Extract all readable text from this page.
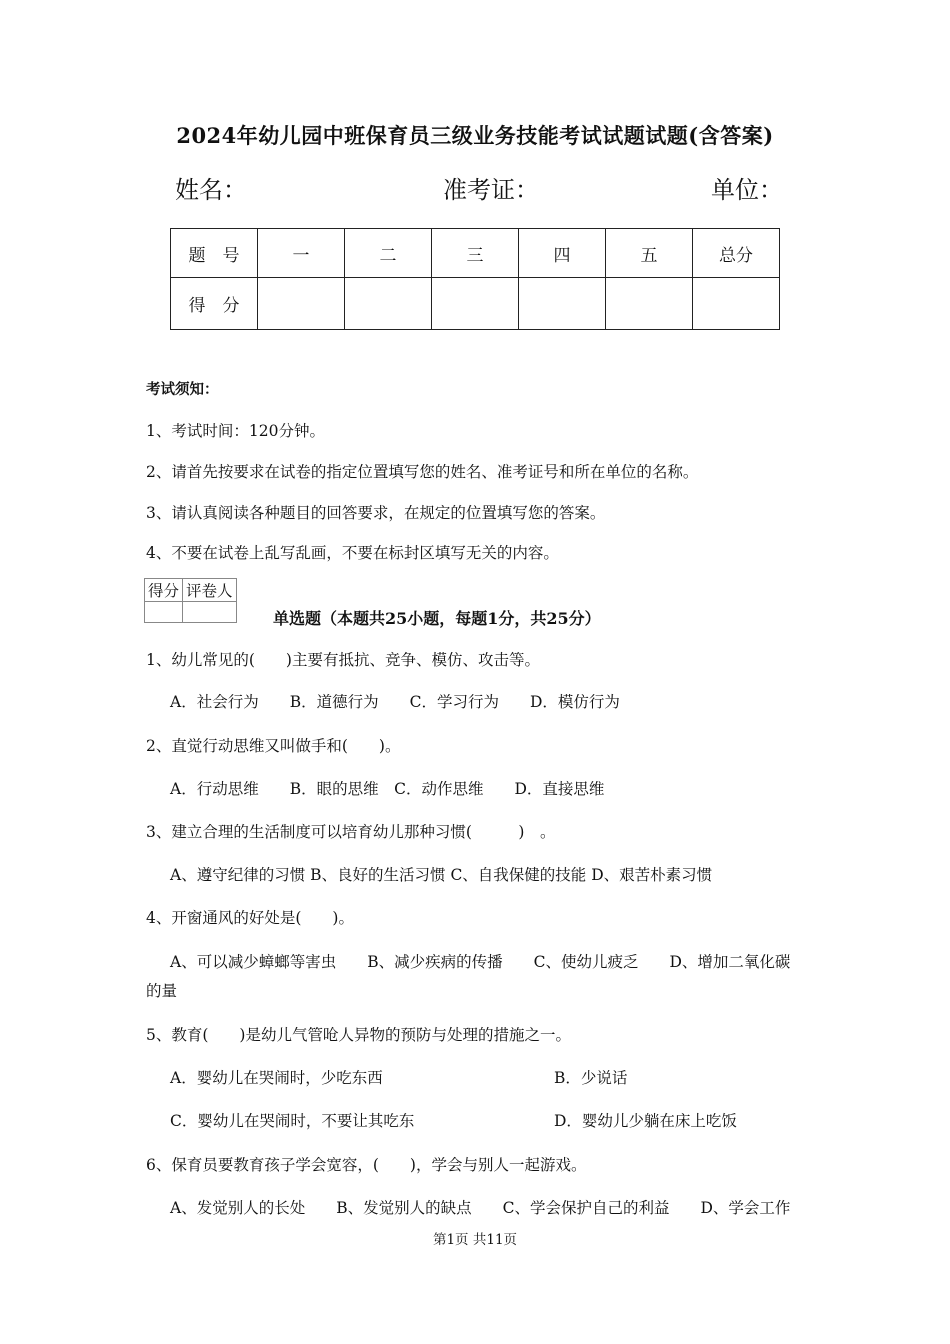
2024年幼儿园中班保育员三级业务技能考试试题试题(含答案)
姓名：	准考证：	单位：
题　号	一	二	三	四	五	总分
得　分						
考试须知：
1、考试时间：120分钟。
2、请首先按要求在试卷的指定位置填写您的姓名、准考证号和所在单位的名称。
3、请认真阅读各种题目的回答要求，在规定的位置填写您的答案。
4、不要在试卷上乱写乱画，不要在标封区填写无关的内容。
得分	评卷人

单选题（本题共25小题，每题1分，共25分）
1、幼儿常见的(　　)主要有抵抗、竞争、模仿、攻击等。
A．社会行为　　B．道德行为　　C．学习行为　　D．模仿行为
2、直觉行动思维又叫做手和(　　)。
A．行动思维　　B．眼的思维　C．动作思维　　D．直接思维
3、建立合理的生活制度可以培育幼儿那种习惯(　　　)　。
A、遵守纪律的习惯 B、良好的生活习惯 C、自我保健的技能 D、艰苦朴素习惯
4、开窗通风的好处是(　　)。
A、可以减少蟑螂等害虫　　B、减少疾病的传播　　C、使幼儿疲乏　　D、增加二氧化碳
的量
5、教育(　　)是幼儿气管呛人异物的预防与处理的措施之一。
A．婴幼儿在哭闹时，少吃东西	B．少说话
C．婴幼儿在哭闹时，不要让其吃东	D．婴幼儿少躺在床上吃饭
6、保育员要教育孩子学会宽容，(　　)，学会与别人一起游戏。
A、发觉别人的长处　　B、发觉别人的缺点　　C、学会保护自己的利益　　D、学会工作
第1页 共11页
